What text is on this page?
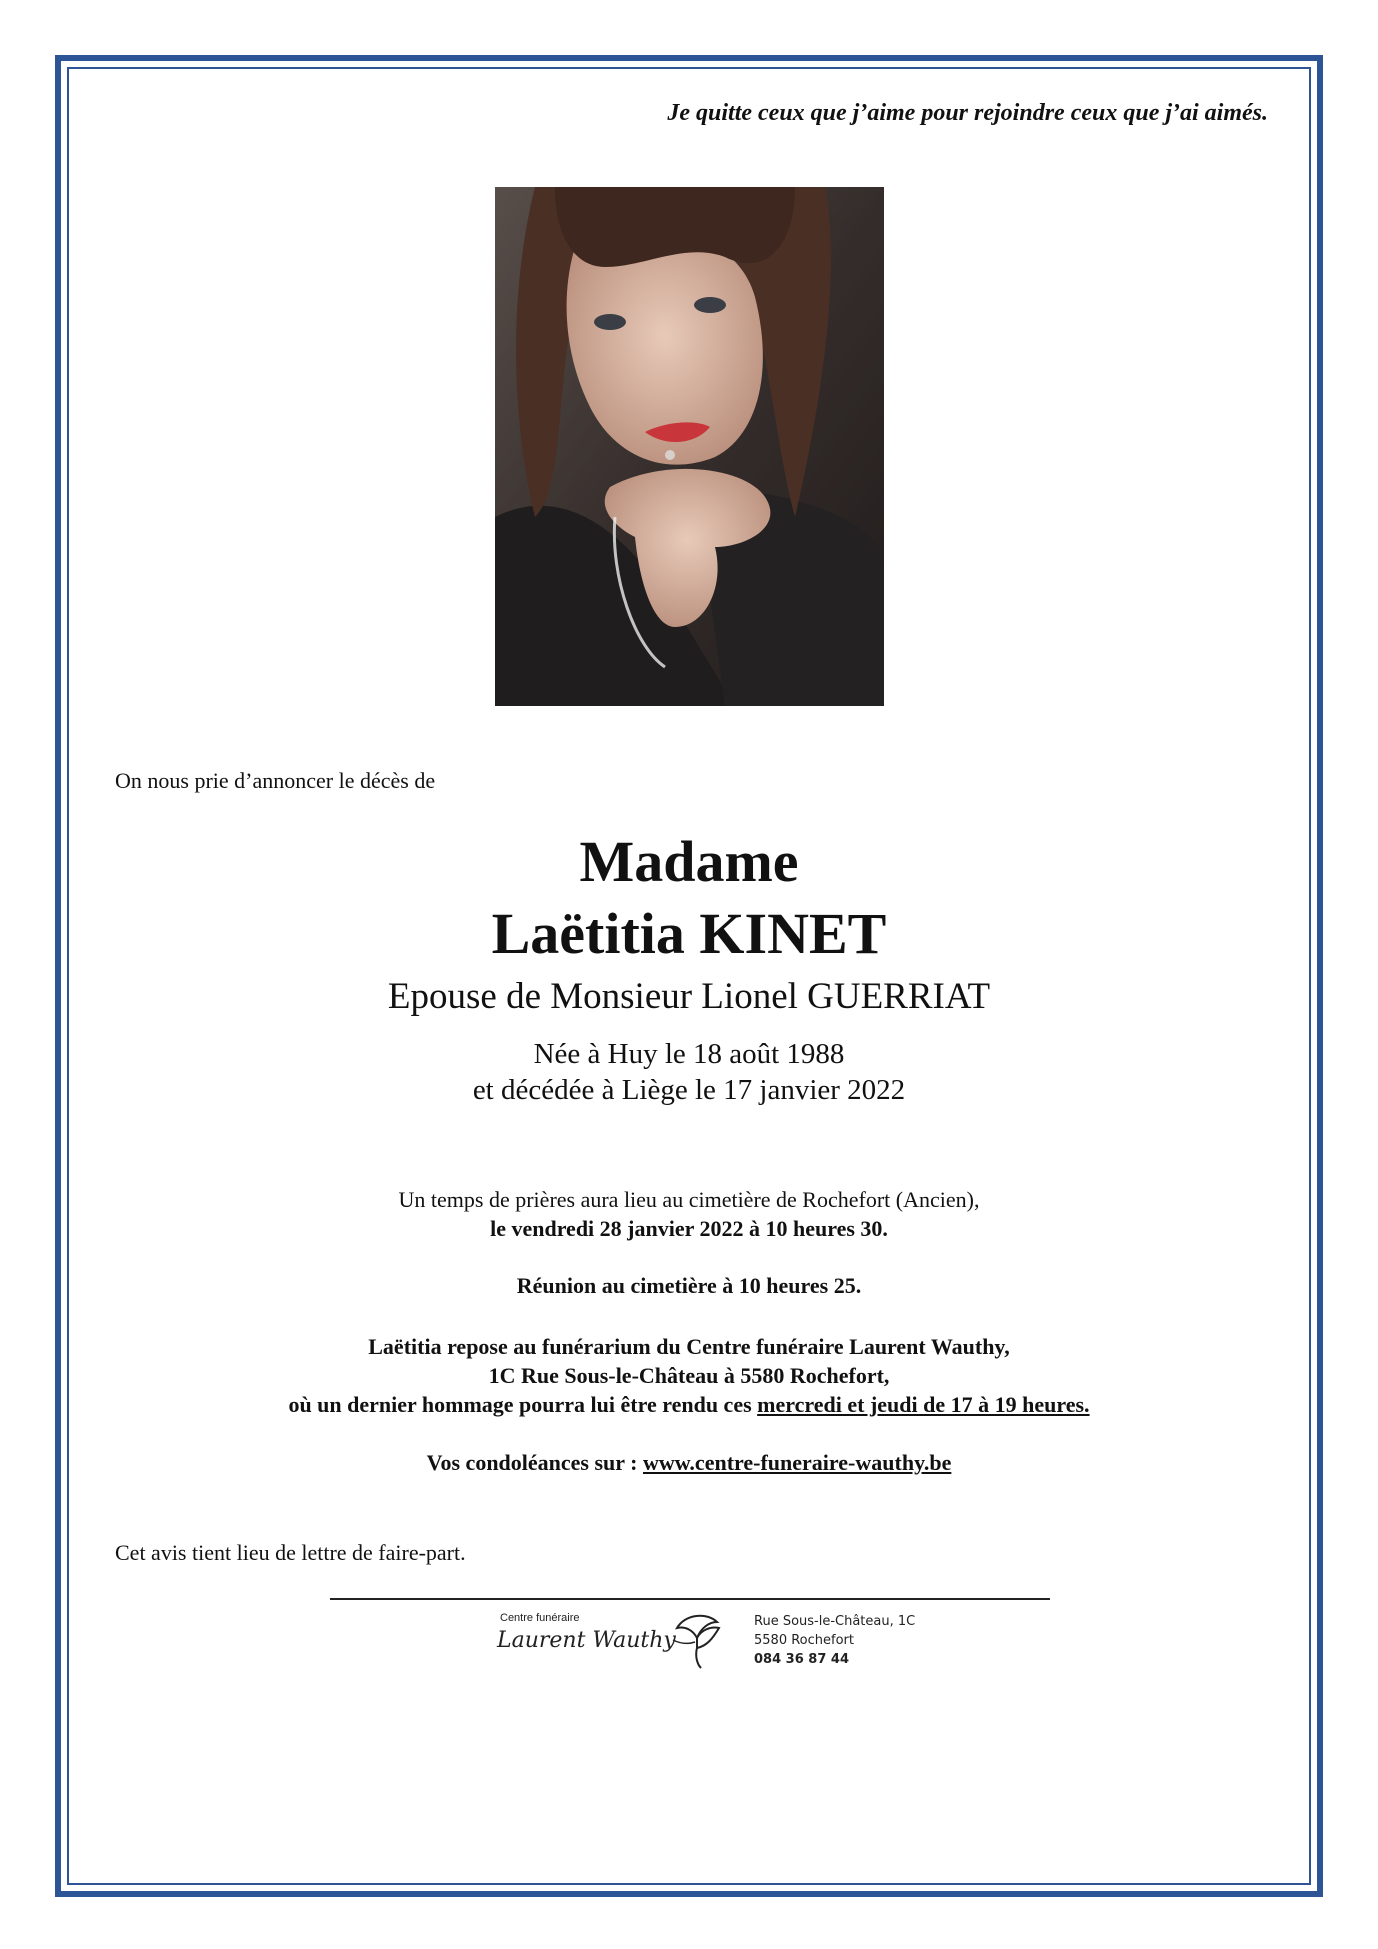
Je quitte ceux que j’aime pour rejoindre ceux que j’ai aimés.
On nous prie d’annoncer le décès de
Madame
Laëtitia KINET
Epouse de Monsieur Lionel GUERRIAT
Née à Huy le 18 août 1988
et décédée à Liège le 17 janvier 2022
Un temps de prières aura lieu au cimetière de Rochefort (Ancien),
le vendredi 28 janvier 2022 à 10 heures 30.
Réunion au cimetière à 10 heures 25.
Laëtitia repose au funérarium du Centre funéraire Laurent Wauthy,
1C Rue Sous-le-Château à 5580 Rochefort,
où un dernier hommage pourra lui être rendu ces mercredi et jeudi de 17 à 19 heures.
Vos condoléances sur : www.centre-funeraire-wauthy.be
Cet avis tient lieu de lettre de faire-part.
Centre funéraire
Laurent Wauthy
Rue Sous-le-Château, 1C
5580 Rochefort
084 36 87 44
